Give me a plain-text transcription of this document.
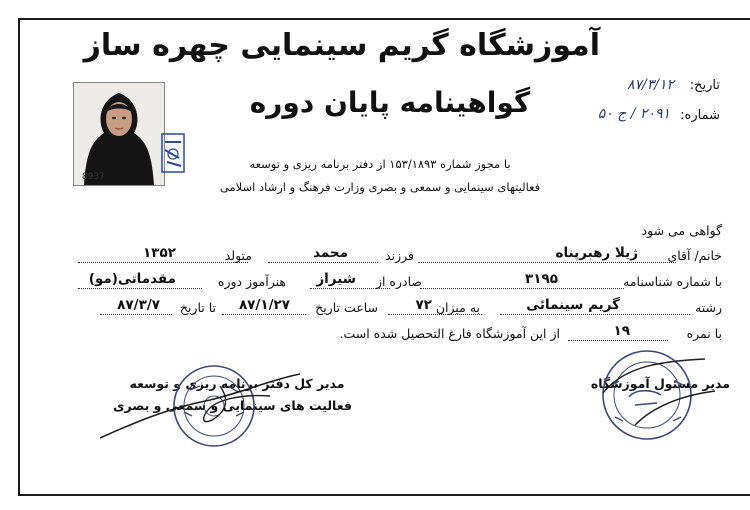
آموزشگاه گریم سینمایی چهره ساز
گواهینامه پایان دوره
تاریخ:
۸۷/۳/۱۲
شماره:
۲۰۹۱ / ج ۵۰
8937
با مجوز شماره ۱۵۳/۱۸۹۳ از دفتر برنامه ریزی و توسعه
فعالیتهای سینمایی و سمعی و بصری وزارت فرهنگ و ارشاد اسلامی
گواهی می شود
خانم/ آقای
ژیلا رهبرپناه
فرزند
محمد
متولد
۱۳۵۲
با شماره شناسنامه
۳۱۹۵
صادره از
شیراز
هنرآموز دوره
مقدماتی(مو)
رشته
گریم سینمائی
به میزان
۷۲
ساعت تاریخ
۸۷/۱/۲۷
تا تاریخ
۸۷/۳/۷
با نمره
۱۹
از این آموزشگاه فارغ التحصیل شده است.
مدیر مسئول آموزشگاه
مدیر کل دفتر برنامه ریزی و توسعه
فعالیت های سینمایی و سمعی و بصری
